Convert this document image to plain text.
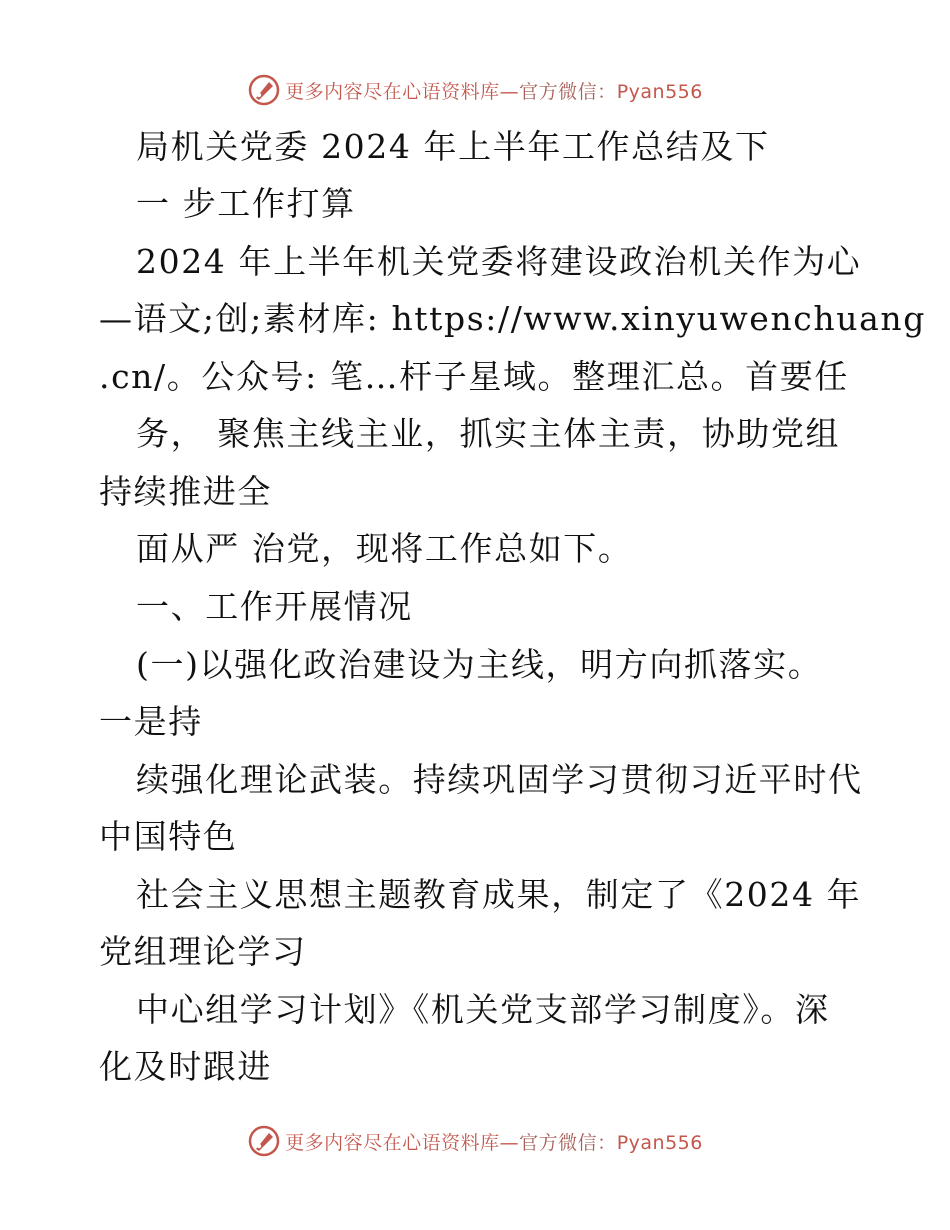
更多内容尽在心语资料库—官方微信：Pyan556
局机关党委 2024 年上半年工作总结及下
一 步工作打算
2024 年上半年机关党委将建设政治机关作为心
—语文;创;素材库: https://www.xinyuwenchuang
.cn/。公众号: 笔…杆子星域。整理汇总。首要任
务， 聚焦主线主业，抓实主体主责，协助党组
持续推进全
面从严 治党，现将工作总如下。
一、工作开展情况
(一)以强化政治建设为主线，明方向抓落实。
一是持
续强化理论武装。持续巩固学习贯彻习近平时代
中国特色
社会主义思想主题教育成果，制定了《2024 年
党组理论学习
中心组学习计划》《机关党支部学习制度》。深
化及时跟进
更多内容尽在心语资料库—官方微信：Pyan556
